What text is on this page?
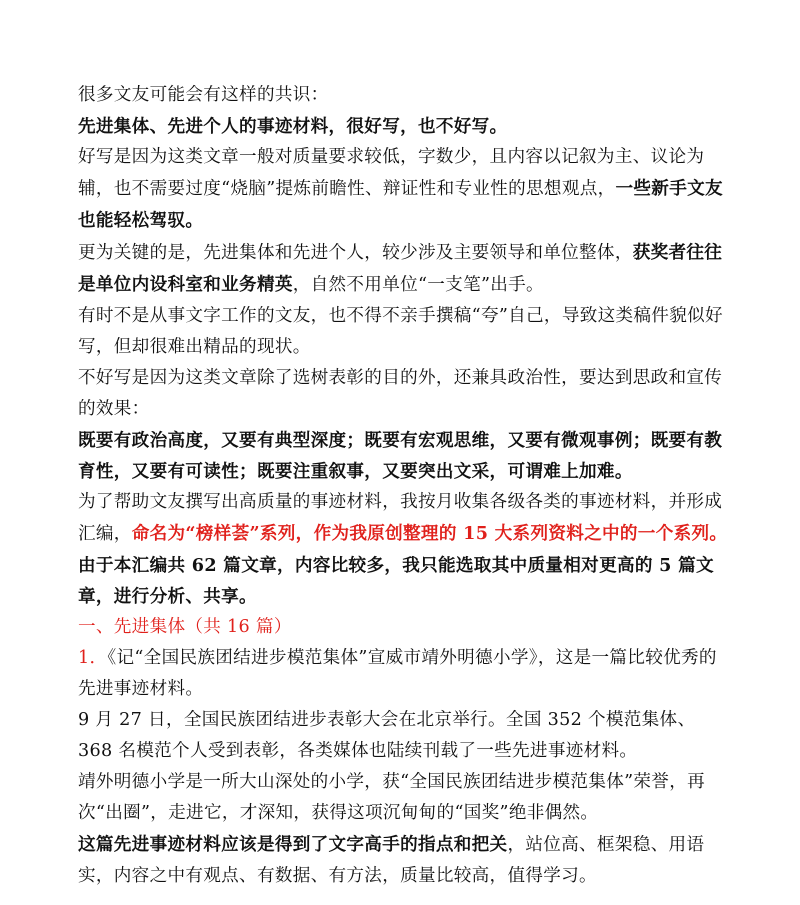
很多文友可能会有这样的共识：

先进集体、先进个人的事迹材料，很好写，也不好写。

好写是因为这类文章一般对质量要求较低，字数少，且内容以记叙为主、议论为辅，也不需要过度“烧脑”提炼前瞻性、辩证性和专业性的思想观点，一些新手文友也能轻松驾驭。

更为关键的是，先进集体和先进个人，较少涉及主要领导和单位整体，获奖者往往是单位内设科室和业务精英，自然不用单位“一支笔”出手。

有时不是从事文字工作的文友，也不得不亲手撰稿“夸”自己，导致这类稿件貌似好写，但却很难出精品的现状。

不好写是因为这类文章除了选树表彰的目的外，还兼具政治性，要达到思政和宣传的效果：

既要有政治高度，又要有典型深度；既要有宏观思维，又要有微观事例；既要有教育性，又要有可读性；既要注重叙事，又要突出文采，可谓难上加难。

为了帮助文友撰写出高质量的事迹材料，我按月收集各级各类的事迹材料，并形成汇编，命名为“榜样荟”系列，作为我原创整理的 15 大系列资料之中的一个系列。

由于本汇编共 62 篇文章，内容比较多，我只能选取其中质量相对更高的 5 篇文章，进行分析、共享。

一、先进集体（共 16 篇）

1．《记“全国民族团结进步模范集体”宣威市靖外明德小学》，这是一篇比较优秀的先进事迹材料。

9 月 27 日，全国民族团结进步表彰大会在北京举行。全国 352 个模范集体、368 名模范个人受到表彰，各类媒体也陆续刊载了一些先进事迹材料。

靖外明德小学是一所大山深处的小学，获“全国民族团结进步模范集体”荣誉，再次“出圈”，走进它，才深知，获得这项沉甸甸的“国奖”绝非偶然。

这篇先进事迹材料应该是得到了文字高手的指点和把关，站位高、框架稳、用语实，内容之中有观点、有数据、有方法，质量比较高，值得学习。
